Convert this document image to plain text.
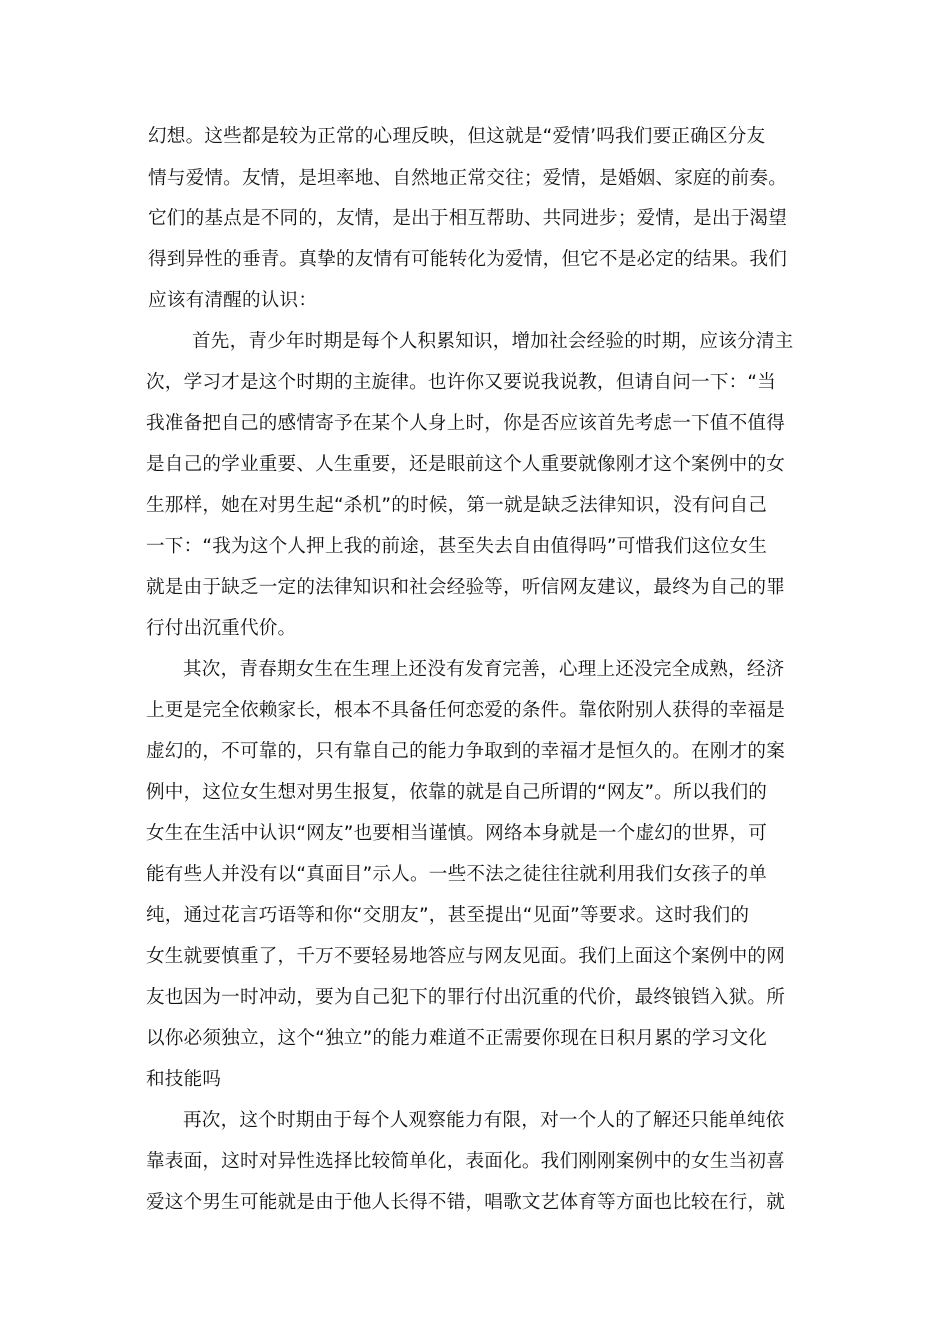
幻想。这些都是较为正常的心理反映，但这就是“爱情’吗我们要正确区分友
情与爱情。友情，是坦率地、自然地正常交往；爱情，是婚姻、家庭的前奏。
它们的基点是不同的，友情，是出于相互帮助、共同进步；爱情，是出于渴望
得到异性的垂青。真挚的友情有可能转化为爱情，但它不是必定的结果。我们
应该有清醒的认识：
首先，青少年时期是每个人积累知识，增加社会经验的时期，应该分清主
次，学习才是这个时期的主旋律。也许你又要说我说教，但请自问一下：“当
我准备把自己的感情寄予在某个人身上时，你是否应该首先考虑一下值不值得
是自己的学业重要、人生重要，还是眼前这个人重要就像刚才这个案例中的女
生那样，她在对男生起“杀机”的时候，第一就是缺乏法律知识，没有问自己
一下：“我为这个人押上我的前途，甚至失去自由值得吗”可惜我们这位女生
就是由于缺乏一定的法律知识和社会经验等，听信网友建议，最终为自己的罪
行付出沉重代价。
其次，青春期女生在生理上还没有发育完善，心理上还没完全成熟，经济
上更是完全依赖家长，根本不具备任何恋爱的条件。靠依附别人获得的幸福是
虚幻的，不可靠的，只有靠自己的能力争取到的幸福才是恒久的。在刚才的案
例中，这位女生想对男生报复，依靠的就是自己所谓的“网友”。所以我们的
女生在生活中认识“网友”也要相当谨慎。网络本身就是一个虚幻的世界，可
能有些人并没有以“真面目”示人。一些不法之徒往往就利用我们女孩子的单
纯，通过花言巧语等和你“交朋友”，甚至提出“见面”等要求。这时我们的
女生就要慎重了，千万不要轻易地答应与网友见面。我们上面这个案例中的网
友也因为一时冲动，要为自己犯下的罪行付出沉重的代价，最终锒铛入狱。所
以你必须独立，这个“独立”的能力难道不正需要你现在日积月累的学习文化
和技能吗
再次，这个时期由于每个人观察能力有限，对一个人的了解还只能单纯依
靠表面，这时对异性选择比较简单化，表面化。我们刚刚案例中的女生当初喜
爱这个男生可能就是由于他人长得不错，唱歌文艺体育等方面也比较在行，就
